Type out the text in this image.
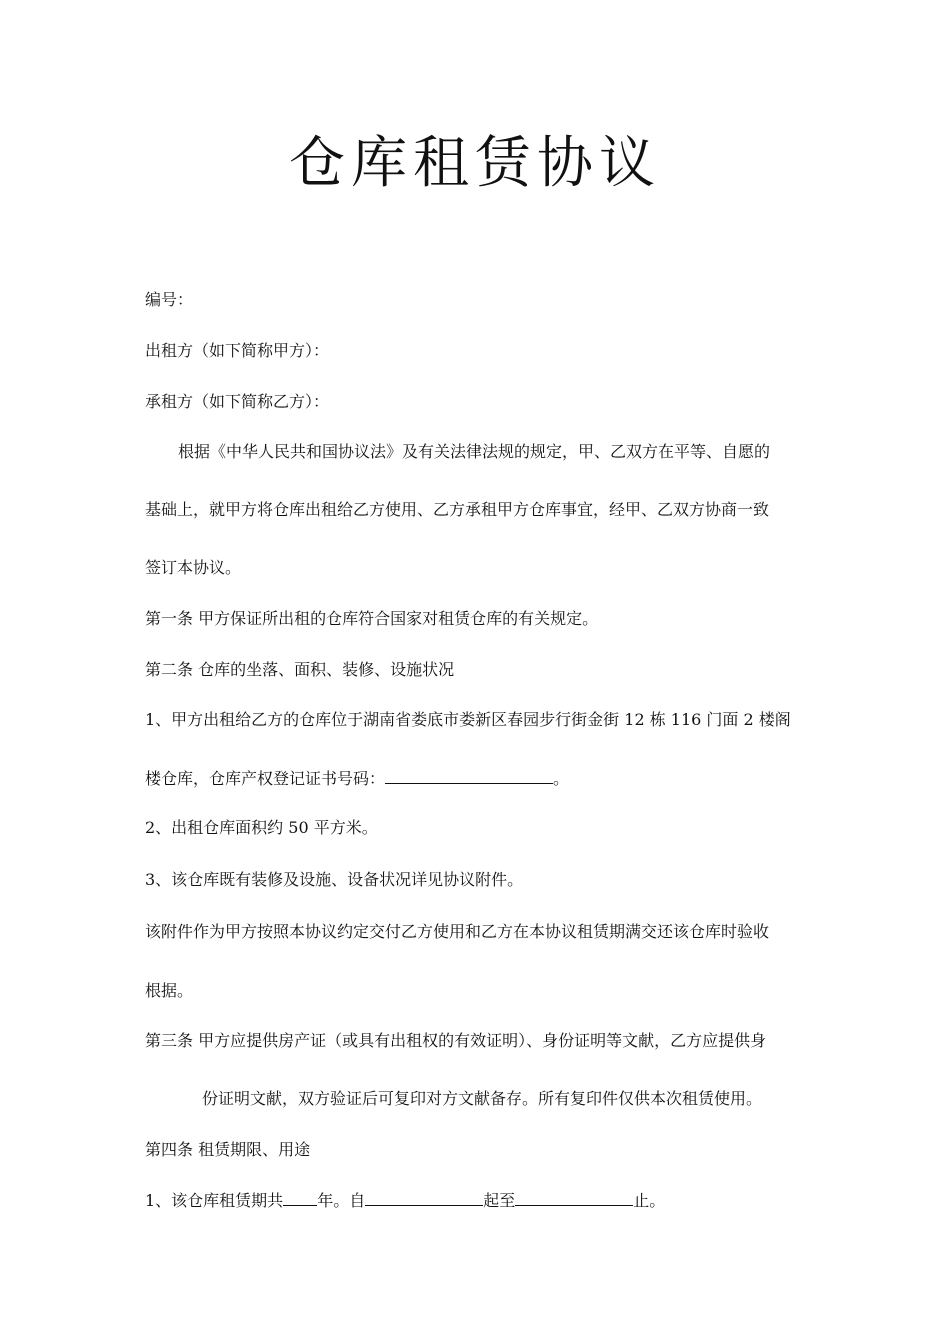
仓库租赁协议

编号：

出租方（如下简称甲方）：

承租方（如下简称乙方）：

根据《中华人民共和国协议法》及有关法律法规的规定，甲、乙双方在平等、自愿的

基础上，就甲方将仓库出租给乙方使用、乙方承租甲方仓库事宜，经甲、乙双方协商一致

签订本协议。

第一条 甲方保证所出租的仓库符合国家对租赁仓库的有关规定。

第二条 仓库的坐落、面积、装修、设施状况

1、甲方出租给乙方的仓库位于湖南省娄底市娄新区春园步行街金街 12 栋 116 门面 2 楼阁

楼仓库，仓库产权登记证书号码：	。

2、出租仓库面积约 50 平方米。

3、该仓库既有装修及设施、设备状况详见协议附件。

该附件作为甲方按照本协议约定交付乙方使用和乙方在本协议租赁期满交还该仓库时验收

根据。

第三条 甲方应提供房产证（或具有出租权的有效证明）、身份证明等文献，乙方应提供身

份证明文献，双方验证后可复印对方文献备存。所有复印件仅供本次租赁使用。

第四条 租赁期限、用途

1、该仓库租赁期共 年。自	起至	止。
